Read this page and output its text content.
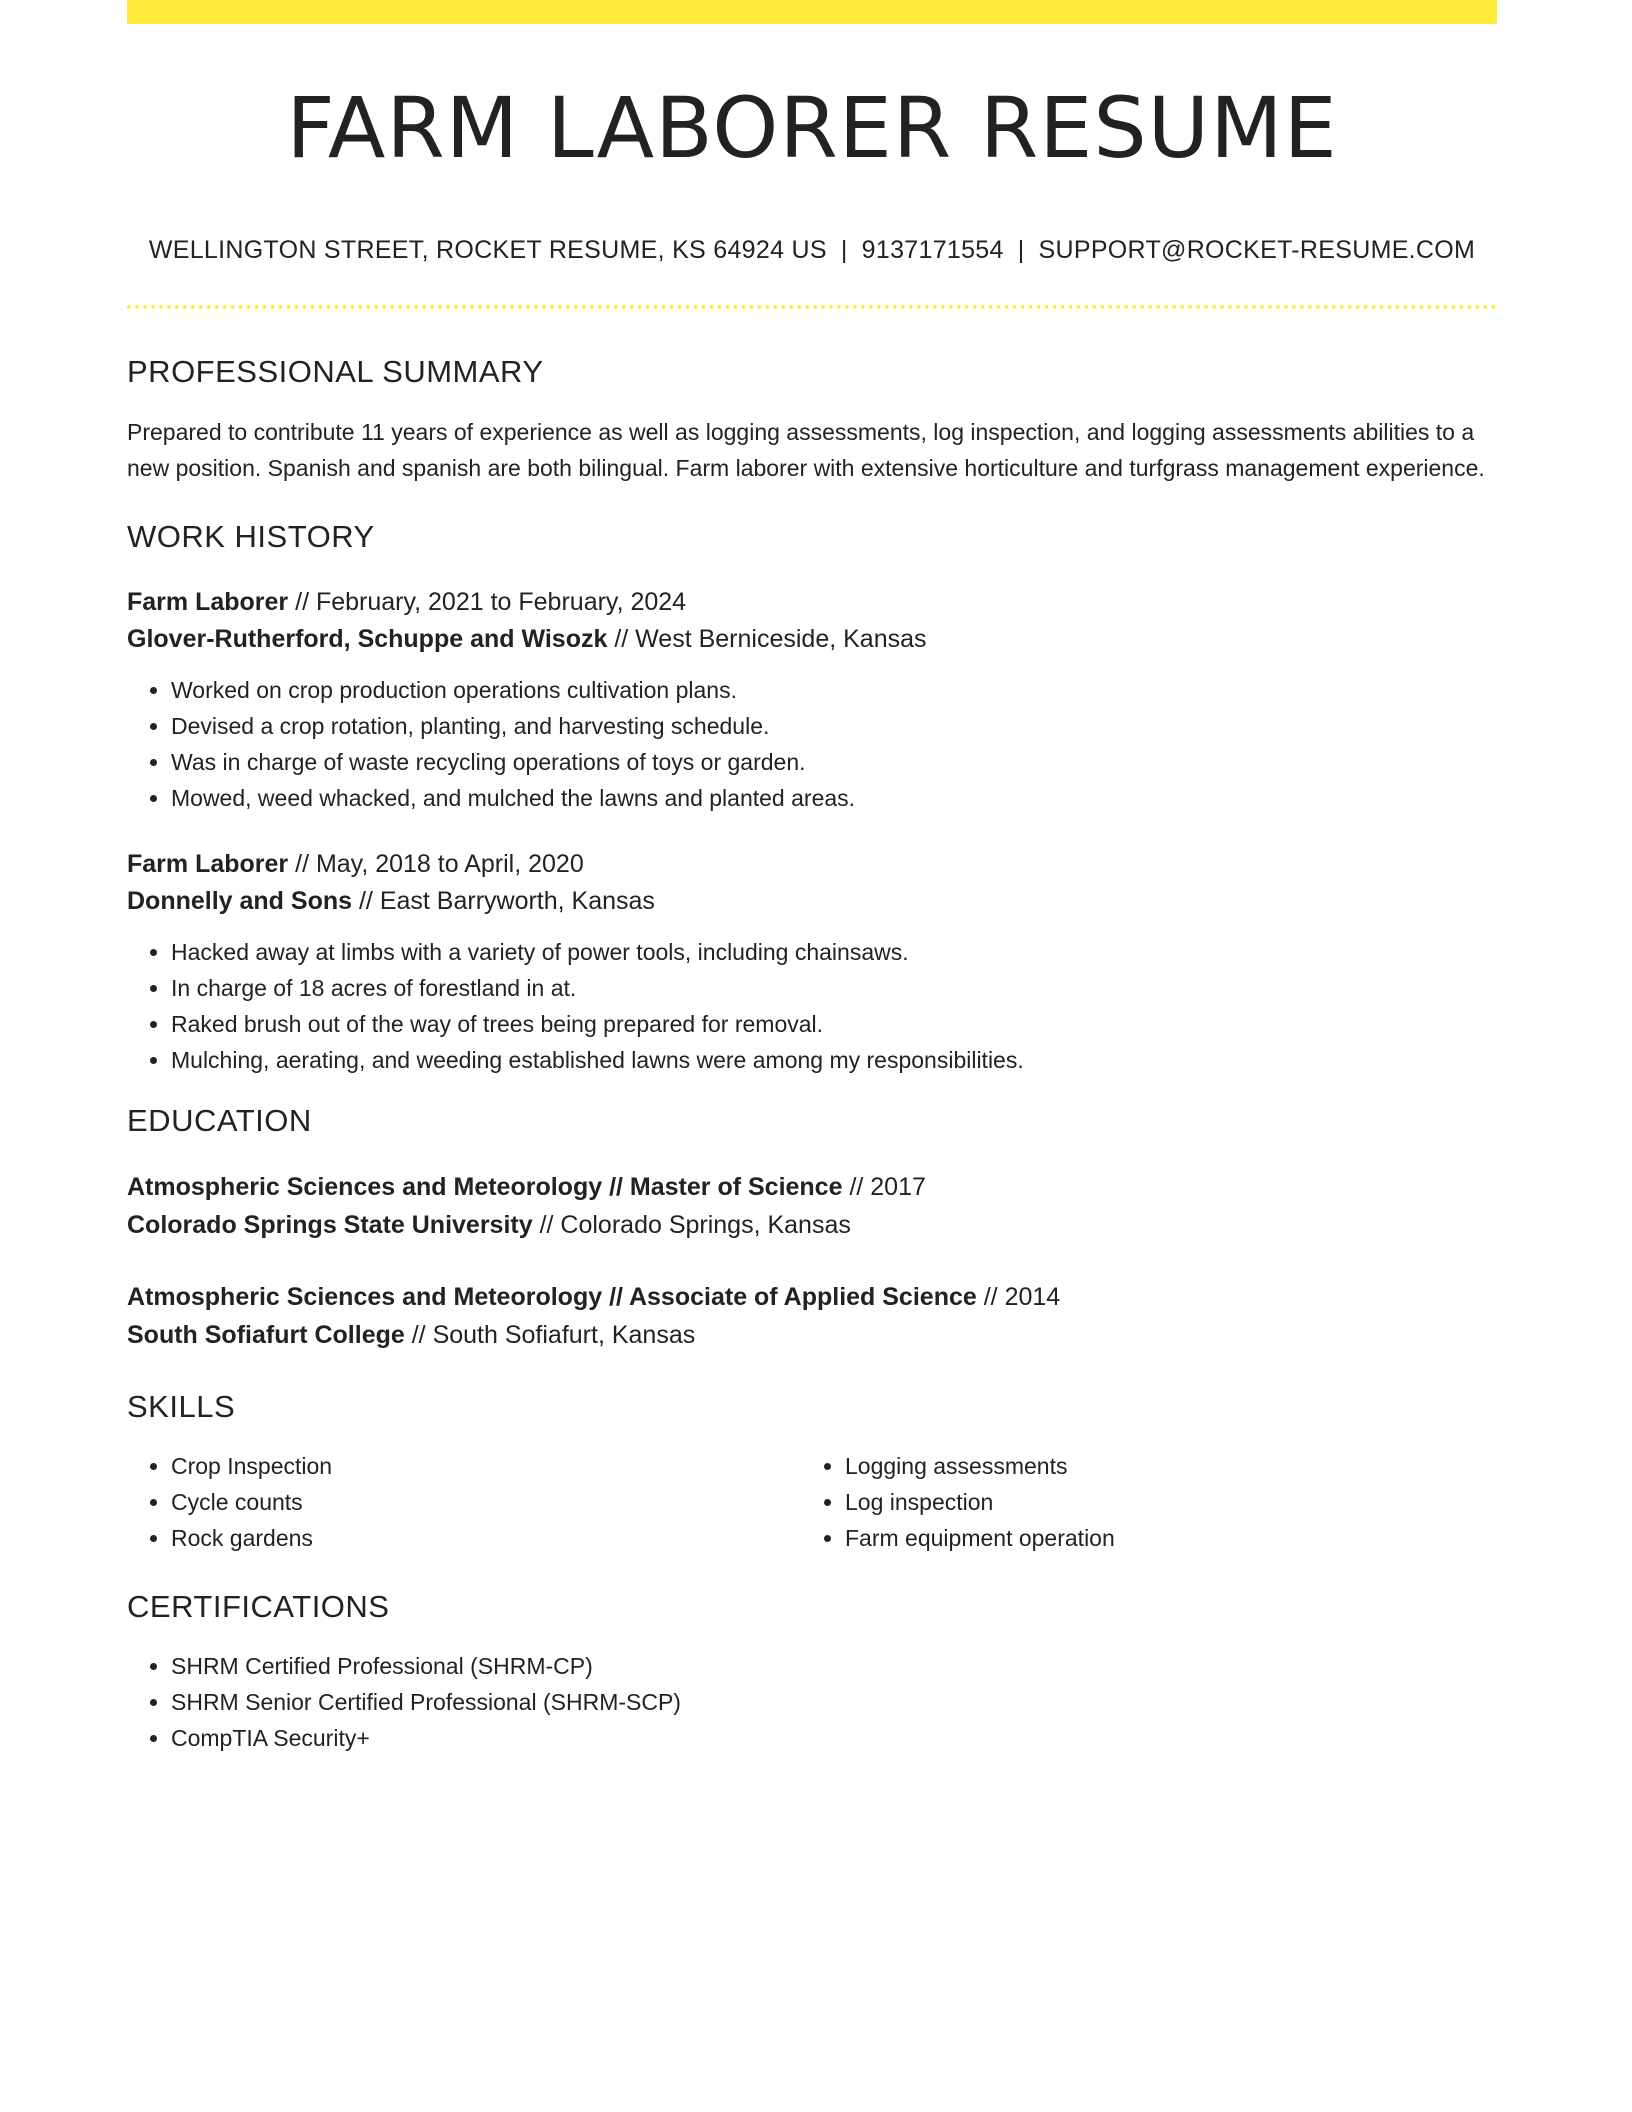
FARM LABORER RESUME
WELLINGTON STREET, ROCKET RESUME, KS 64924 US | 9137171554 | SUPPORT@ROCKET-RESUME.COM
PROFESSIONAL SUMMARY

Prepared to contribute 11 years of experience as well as logging assessments, log inspection, and logging assessments abilities to a new position. Spanish and spanish are both bilingual. Farm laborer with extensive horticulture and turfgrass management experience.

WORK HISTORY
Farm Laborer // February, 2021 to February, 2024
Glover-Rutherford, Schuppe and Wisozk // West Berniceside, Kansas
• Worked on crop production operations cultivation plans.
• Devised a crop rotation, planting, and harvesting schedule.
• Was in charge of waste recycling operations of toys or garden.
• Mowed, weed whacked, and mulched the lawns and planted areas.
Farm Laborer // May, 2018 to April, 2020
Donnelly and Sons // East Barryworth, Kansas
• Hacked away at limbs with a variety of power tools, including chainsaws.
• In charge of 18 acres of forestland in at.
• Raked brush out of the way of trees being prepared for removal.
• Mulching, aerating, and weeding established lawns were among my responsibilities.
EDUCATION
Atmospheric Sciences and Meteorology // Master of Science // 2017
Colorado Springs State University // Colorado Springs, Kansas
Atmospheric Sciences and Meteorology // Associate of Applied Science // 2014
South Sofiafurt College // South Sofiafurt, Kansas
SKILLS
• Crop Inspection
• Cycle counts
• Rock gardens
• Logging assessments
• Log inspection
• Farm equipment operation
CERTIFICATIONS
• SHRM Certified Professional (SHRM-CP)
• SHRM Senior Certified Professional (SHRM-SCP)
• CompTIA Security+
